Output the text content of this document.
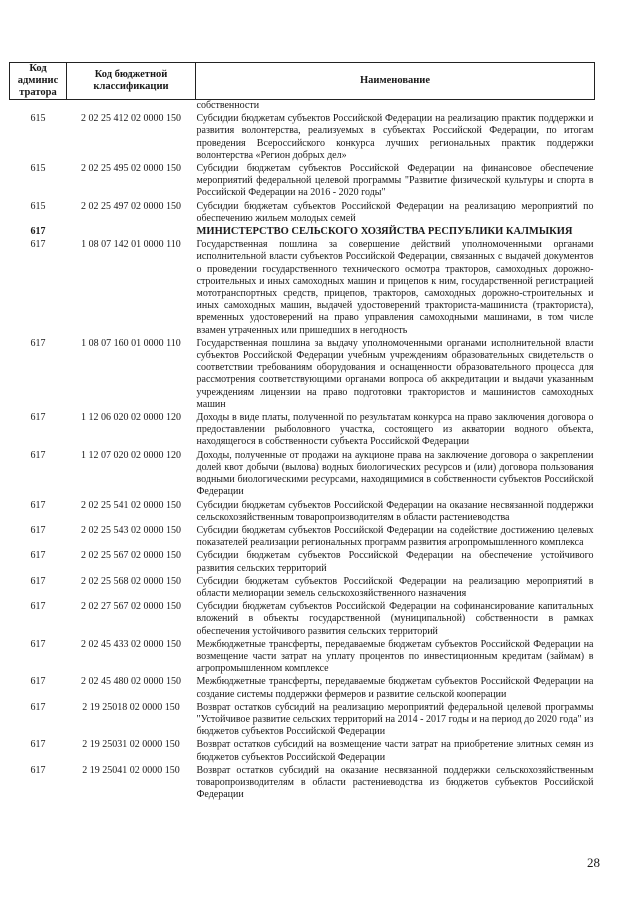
Код админис тратора	Код бюджетной классификации	Наименование
		собственности
615	2 02 25 412 02 0000 150	Субсидии бюджетам субъектов Российской Федерации на реализацию практик поддержки и развития волонтерства, реализуемых в субъектах Российской Федерации, по итогам проведения Всероссийского конкурса лучших региональных практик поддержки волонтерства «Регион добрых дел»
615	2 02 25 495 02 0000 150	Субсидии бюджетам субъектов Российской Федерации на финансовое обеспечение мероприятий федеральной целевой программы "Развитие физической культуры и спорта в Российской Федерации на 2016 - 2020 годы"
615	2 02 25 497 02 0000 150	Субсидии бюджетам субъектов Российской Федерации на реализацию мероприятий по обеспечению жильем молодых семей
617		МИНИСТЕРСТВО СЕЛЬСКОГО ХОЗЯЙСТВА РЕСПУБЛИКИ КАЛМЫКИЯ
617	1 08 07 142 01 0000 110	Государственная пошлина за совершение действий уполномоченными органами исполнительной власти субъектов Российской Федерации, связанных с выдачей документов о проведении государственного технического осмотра тракторов, самоходных дорожно-строительных и иных самоходных машин и прицепов к ним, государственной регистрацией мототранспортных средств, прицепов, тракторов, самоходных дорожно-строительных и иных самоходных машин, выдачей удостоверений тракториста-машиниста (тракториста), временных удостоверений на право управления самоходными машинами, в том числе взамен утраченных или пришедших в негодность
617	1 08 07 160 01 0000 110	Государственная пошлина за выдачу уполномоченными органами исполнительной власти субъектов Российской Федерации учебным учреждениям образовательных свидетельств о соответствии требованиям оборудования и оснащенности образовательного процесса для рассмотрения соответствующими органами вопроса об аккредитации и выдачи указанным учреждениям лицензии на право подготовки трактористов и машинистов самоходных машин
617	1 12 06 020 02 0000 120	Доходы в виде платы, полученной по результатам конкурса на право заключения договора о предоставлении рыболовного участка, состоящего из акватории водного объекта, находящегося в собственности субъекта Российской Федерации
617	1 12 07 020 02 0000 120	Доходы, полученные от продажи на аукционе права на заключение договора о закреплении долей квот добычи (вылова) водных биологических ресурсов и (или) договора пользования водными биологическими ресурсами, находящимися в собственности субъектов Российской Федерации
617	2 02 25 541 02 0000 150	Субсидии бюджетам субъектов Российской Федерации на оказание несвязанной поддержки сельскохозяйственным товаропроизводителям в области растениеводства
617	2 02 25 543 02 0000 150	Субсидии бюджетам субъектов Российской Федерации на содействие достижению целевых показателей реализации региональных программ развития агропромышленного комплекса
617	2 02 25 567 02 0000 150	Субсидии бюджетам субъектов Российской Федерации на обеспечение устойчивого развития сельских территорий
617	2 02 25 568 02 0000 150	Субсидии бюджетам субъектов Российской Федерации на реализацию мероприятий в области мелиорации земель сельскохозяйственного назначения
617	2 02 27 567 02 0000 150	Субсидии бюджетам субъектов Российской Федерации на софинансирование капитальных вложений в объекты государственной (муниципальной) собственности в рамках обеспечения устойчивого развития сельских территорий
617	2 02 45 433 02 0000 150	Межбюджетные трансферты, передаваемые бюджетам субъектов Российской Федерации на возмещение части затрат на уплату процентов по инвестиционным кредитам (займам) в агропромышленном комплексе
617	2 02 45 480 02 0000 150	Межбюджетные трансферты, передаваемые бюджетам субъектов Российской Федерации на создание системы поддержки фермеров и развитие сельской кооперации
617	2 19 25018 02 0000 150	Возврат остатков субсидий на реализацию мероприятий федеральной целевой программы "Устойчивое развитие сельских территорий на 2014 - 2017 годы и на период до 2020 года" из бюджетов субъектов Российской Федерации
617	2 19 25031 02 0000 150	Возврат остатков субсидий на возмещение части затрат на приобретение элитных семян из бюджетов субъектов Российской Федерации
617	2 19 25041 02 0000 150	Возврат остатков субсидий на оказание несвязанной поддержки сельскохозяйственным товаропроизводителям в области растениеводства из бюджетов субъектов Российской Федерации
28
